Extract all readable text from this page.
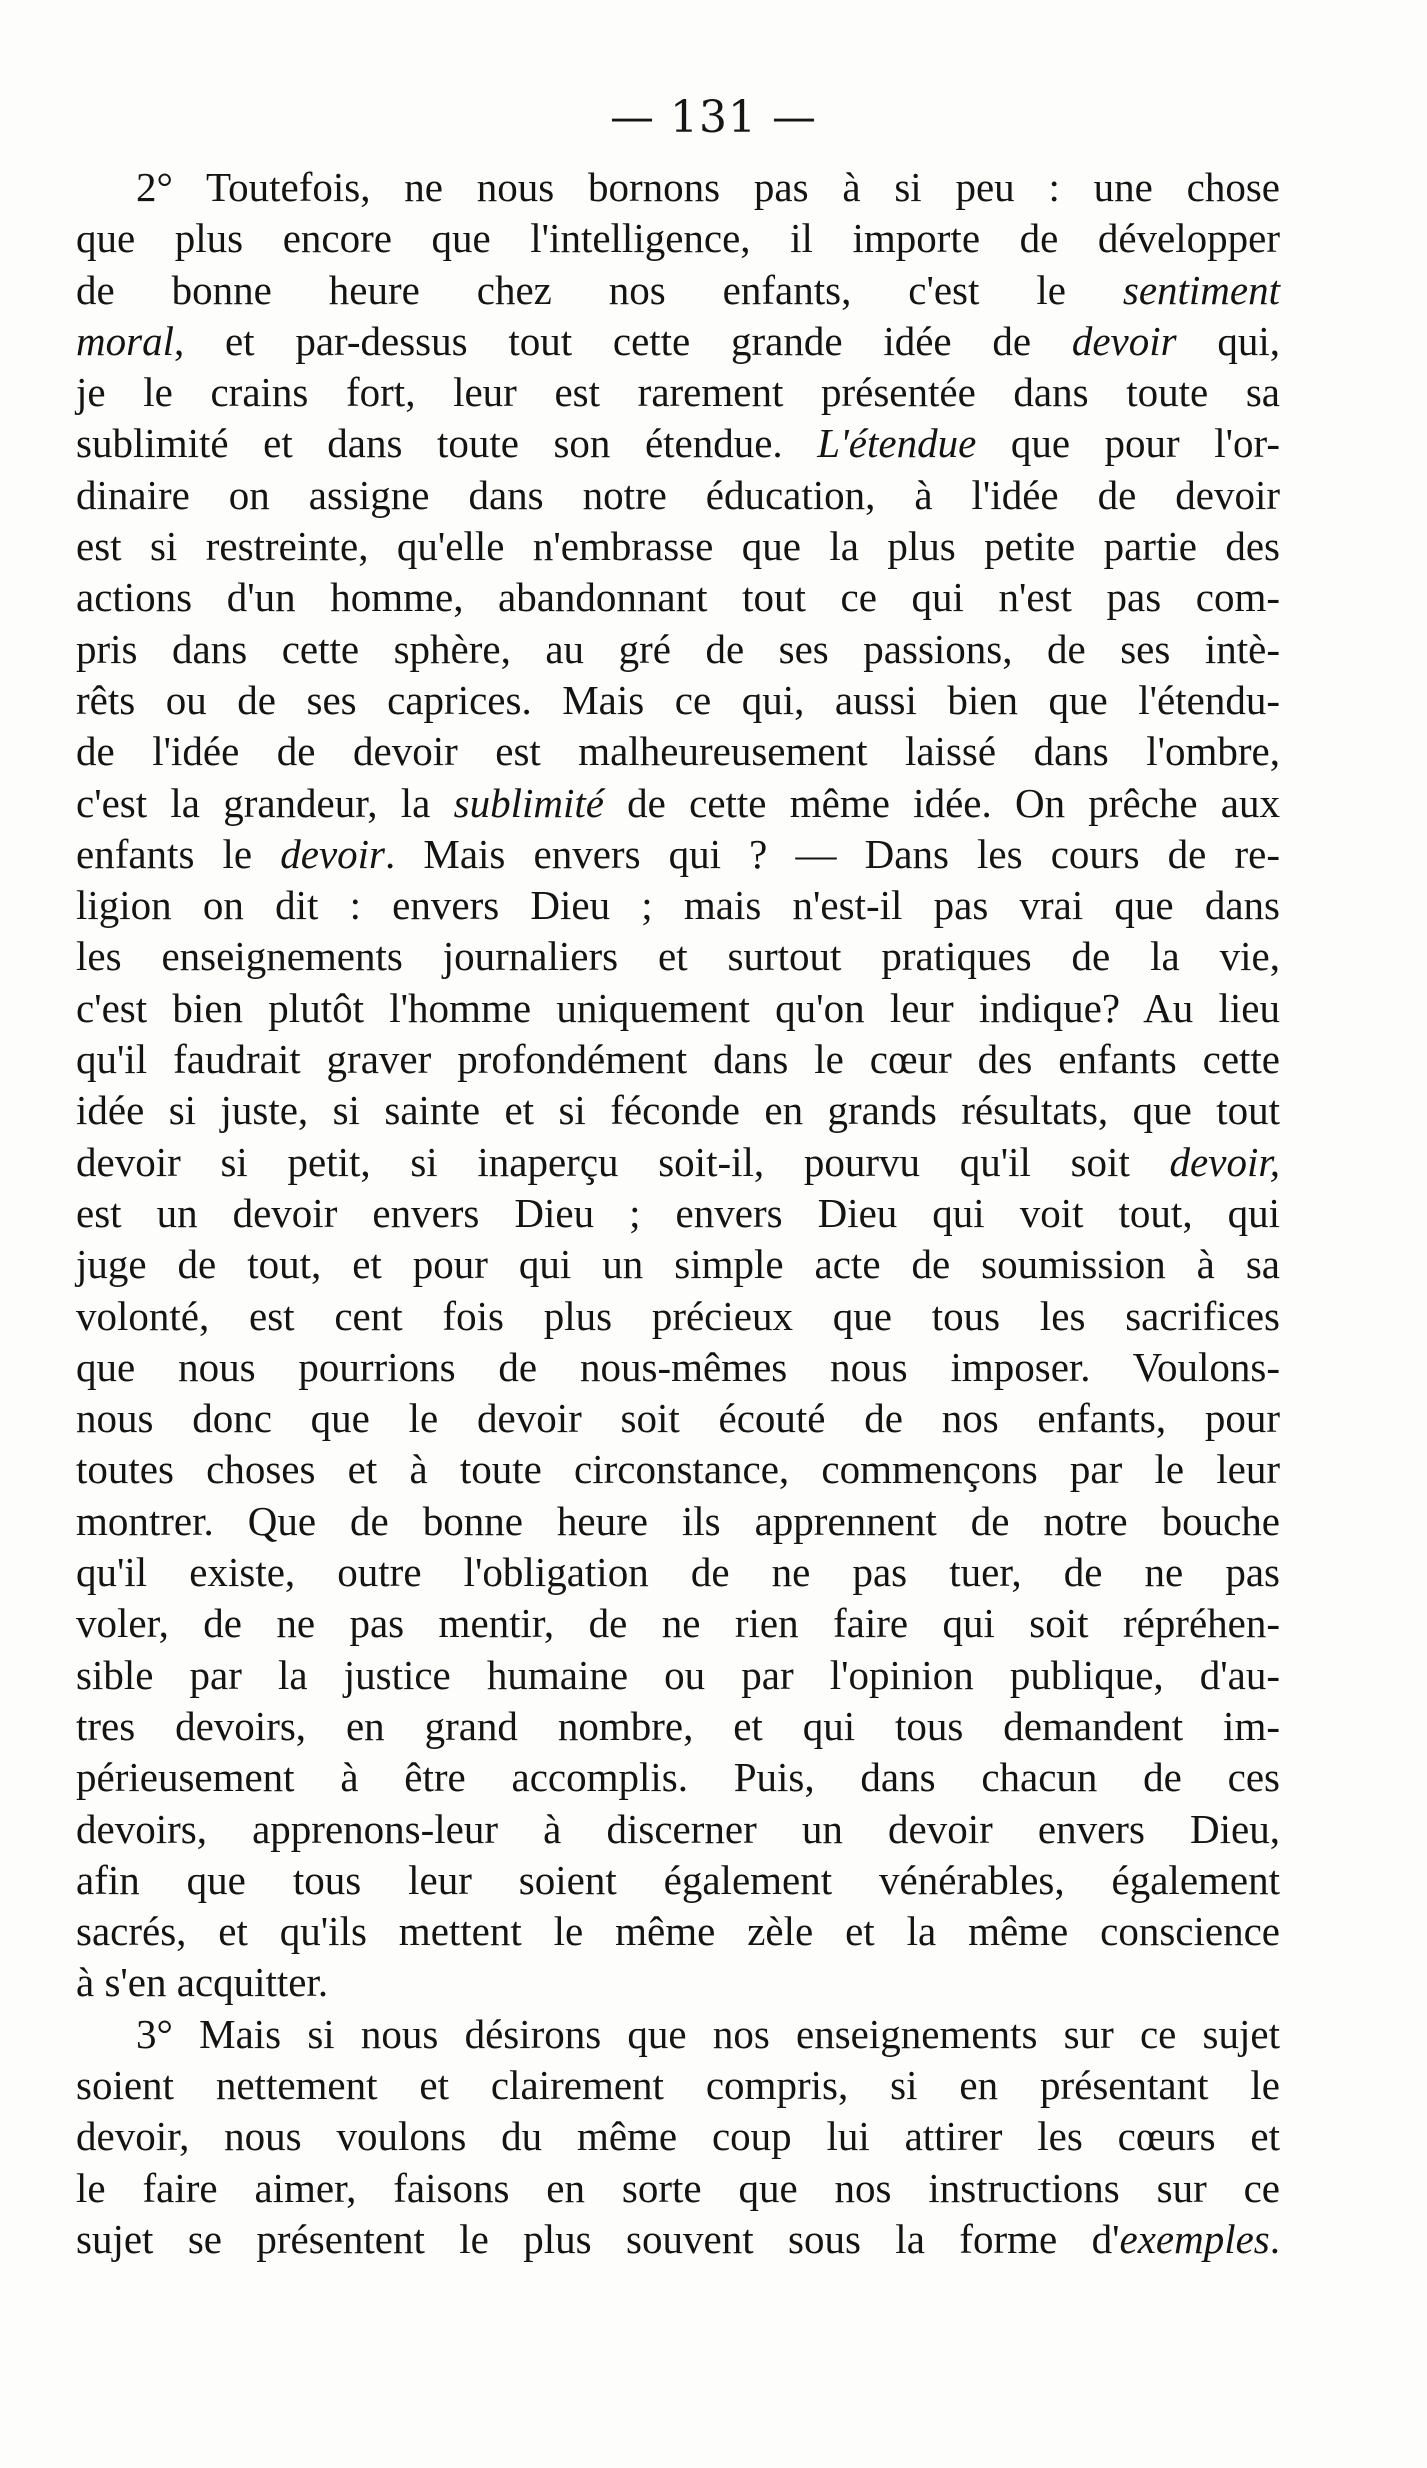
— 131 —
2° Toutefois, ne nous bornons pas à si peu : une chose
que plus encore que l'intelligence, il importe de développer
de bonne heure chez nos enfants, c'est le sentiment
moral, et par-dessus tout cette grande idée de devoir qui,
je le crains fort, leur est rarement présentée dans toute sa
sublimité et dans toute son étendue. L'étendue que pour l'or-
dinaire on assigne dans notre éducation, à l'idée de devoir
est si restreinte, qu'elle n'embrasse que la plus petite partie des
actions d'un homme, abandonnant tout ce qui n'est pas com-
pris dans cette sphère, au gré de ses passions, de ses intè-
rêts ou de ses caprices. Mais ce qui, aussi bien que l'étendu-
de l'idée de devoir est malheureusement laissé dans l'ombre,
c'est la grandeur, la sublimité de cette même idée. On prêche aux
enfants le devoir. Mais envers qui ? — Dans les cours de re-
ligion on dit : envers Dieu ; mais n'est-il pas vrai que dans
les enseignements journaliers et surtout pratiques de la vie,
c'est bien plutôt l'homme uniquement qu'on leur indique? Au lieu
qu'il faudrait graver profondément dans le cœur des enfants cette
idée si juste, si sainte et si féconde en grands résultats, que tout
devoir si petit, si inaperçu soit-il, pourvu qu'il soit devoir,
est un devoir envers Dieu ; envers Dieu qui voit tout, qui
juge de tout, et pour qui un simple acte de soumission à sa
volonté, est cent fois plus précieux que tous les sacrifices
que nous pourrions de nous-mêmes nous imposer. Voulons-
nous donc que le devoir soit écouté de nos enfants, pour
toutes choses et à toute circonstance, commençons par le leur
montrer. Que de bonne heure ils apprennent de notre bouche
qu'il existe, outre l'obligation de ne pas tuer, de ne pas
voler, de ne pas mentir, de ne rien faire qui soit répréhen-
sible par la justice humaine ou par l'opinion publique, d'au-
tres devoirs, en grand nombre, et qui tous demandent im-
périeusement à être accomplis. Puis, dans chacun de ces
devoirs, apprenons-leur à discerner un devoir envers Dieu,
afin que tous leur soient également vénérables, également
sacrés, et qu'ils mettent le même zèle et la même conscience
à s'en acquitter.
3° Mais si nous désirons que nos enseignements sur ce sujet
soient nettement et clairement compris, si en présentant le
devoir, nous voulons du même coup lui attirer les cœurs et
le faire aimer, faisons en sorte que nos instructions sur ce
sujet se présentent le plus souvent sous la forme d'exemples.
